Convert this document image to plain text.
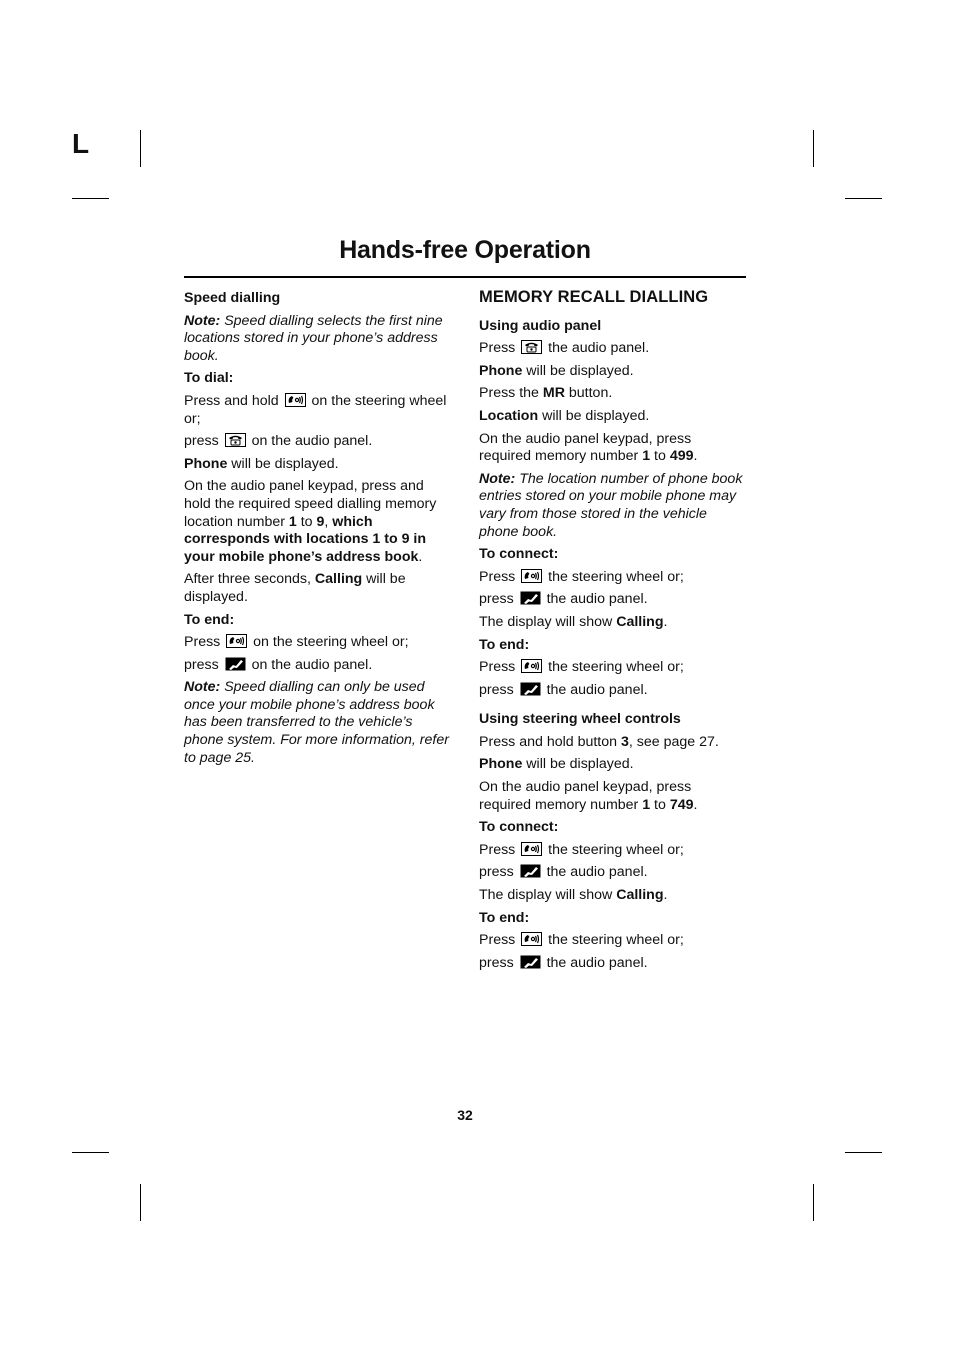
L
Hands-free Operation

Speed dialling

Note: Speed dialling selects the first nine locations stored in your phone’s address book.

To dial:

Press and hold  on the steering wheel or;

press  on the audio panel.

Phone will be displayed.

On the audio panel keypad, press and hold the required speed dialling memory location number 1 to 9, which corresponds with locations 1 to 9 in your mobile phone’s address book.

After three seconds, Calling will be displayed.

To end:

Press  on the steering wheel or;

press  on the audio panel.

Note: Speed dialling can only be used once your mobile phone’s address book has been transferred to the vehicle’s phone system. For more information, refer to page 25.

MEMORY RECALL DIALLING

Using audio panel

Press  the audio panel.

Phone will be displayed.

Press the MR button.

Location will be displayed.

On the audio panel keypad, press required memory number 1 to 499.

Note: The location number of phone book entries stored on your mobile phone may vary from those stored in the vehicle phone book.

To connect:

Press  the steering wheel or;

press  the audio panel.

The display will show Calling.

To end:

Press  the steering wheel or;

press  the audio panel.

Using steering wheel controls

Press and hold button 3, see page 27.

Phone will be displayed.

On the audio panel keypad, press required memory number 1 to 749.

To connect:

Press  the steering wheel or;

press  the audio panel.

The display will show Calling.

To end:

Press  the steering wheel or;

press  the audio panel.

32
